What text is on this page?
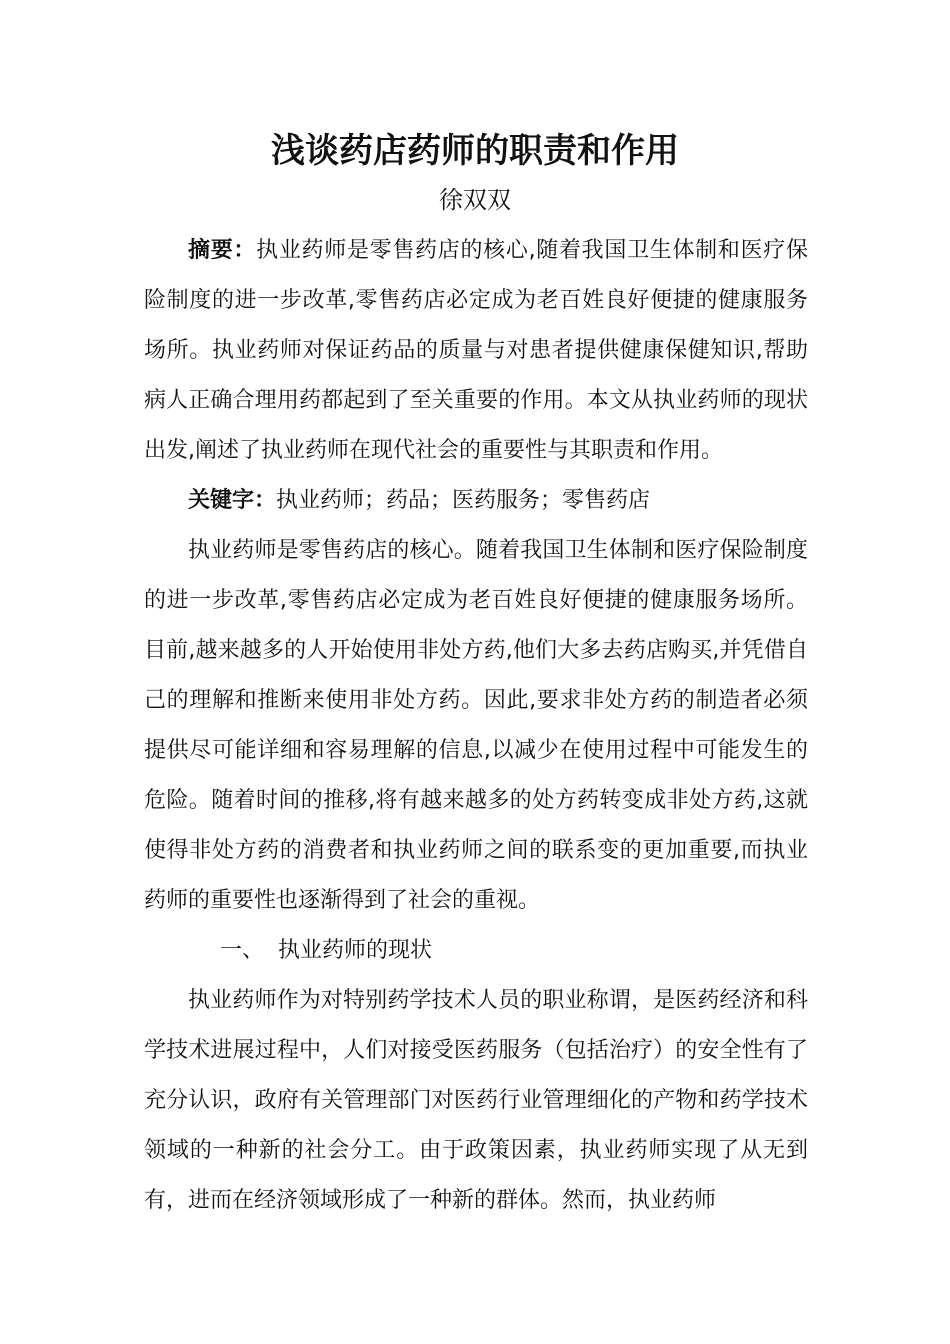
浅谈药店药师的职责和作用
徐双双

摘要：执业药师是零售药店的核心,随着我国卫生体制和医疗保险制度的进一步改革,零售药店必定成为老百姓良好便捷的健康服务场所。执业药师对保证药品的质量与对患者提供健康保健知识,帮助病人正确合理用药都起到了至关重要的作用。本文从执业药师的现状出发,阐述了执业药师在现代社会的重要性与其职责和作用。

关键字：执业药师；药品；医药服务；零售药店

执业药师是零售药店的核心。随着我国卫生体制和医疗保险制度的进一步改革,零售药店必定成为老百姓良好便捷的健康服务场所。目前,越来越多的人开始使用非处方药,他们大多去药店购买,并凭借自己的理解和推断来使用非处方药。因此,要求非处方药的制造者必须提供尽可能详细和容易理解的信息,以减少在使用过程中可能发生的危险。随着时间的推移,将有越来越多的处方药转变成非处方药,这就使得非处方药的消费者和执业药师之间的联系变的更加重要,而执业药师的重要性也逐渐得到了社会的重视。

一、 执业药师的现状

执业药师作为对特别药学技术人员的职业称谓，是医药经济和科学技术进展过程中，人们对接受医药服务（包括治疗）的安全性有了充分认识，政府有关管理部门对医药行业管理细化的产物和药学技术领域的一种新的社会分工。由于政策因素，执业药师实现了从无到有，进而在经济领域形成了一种新的群体。然而，执业药师
